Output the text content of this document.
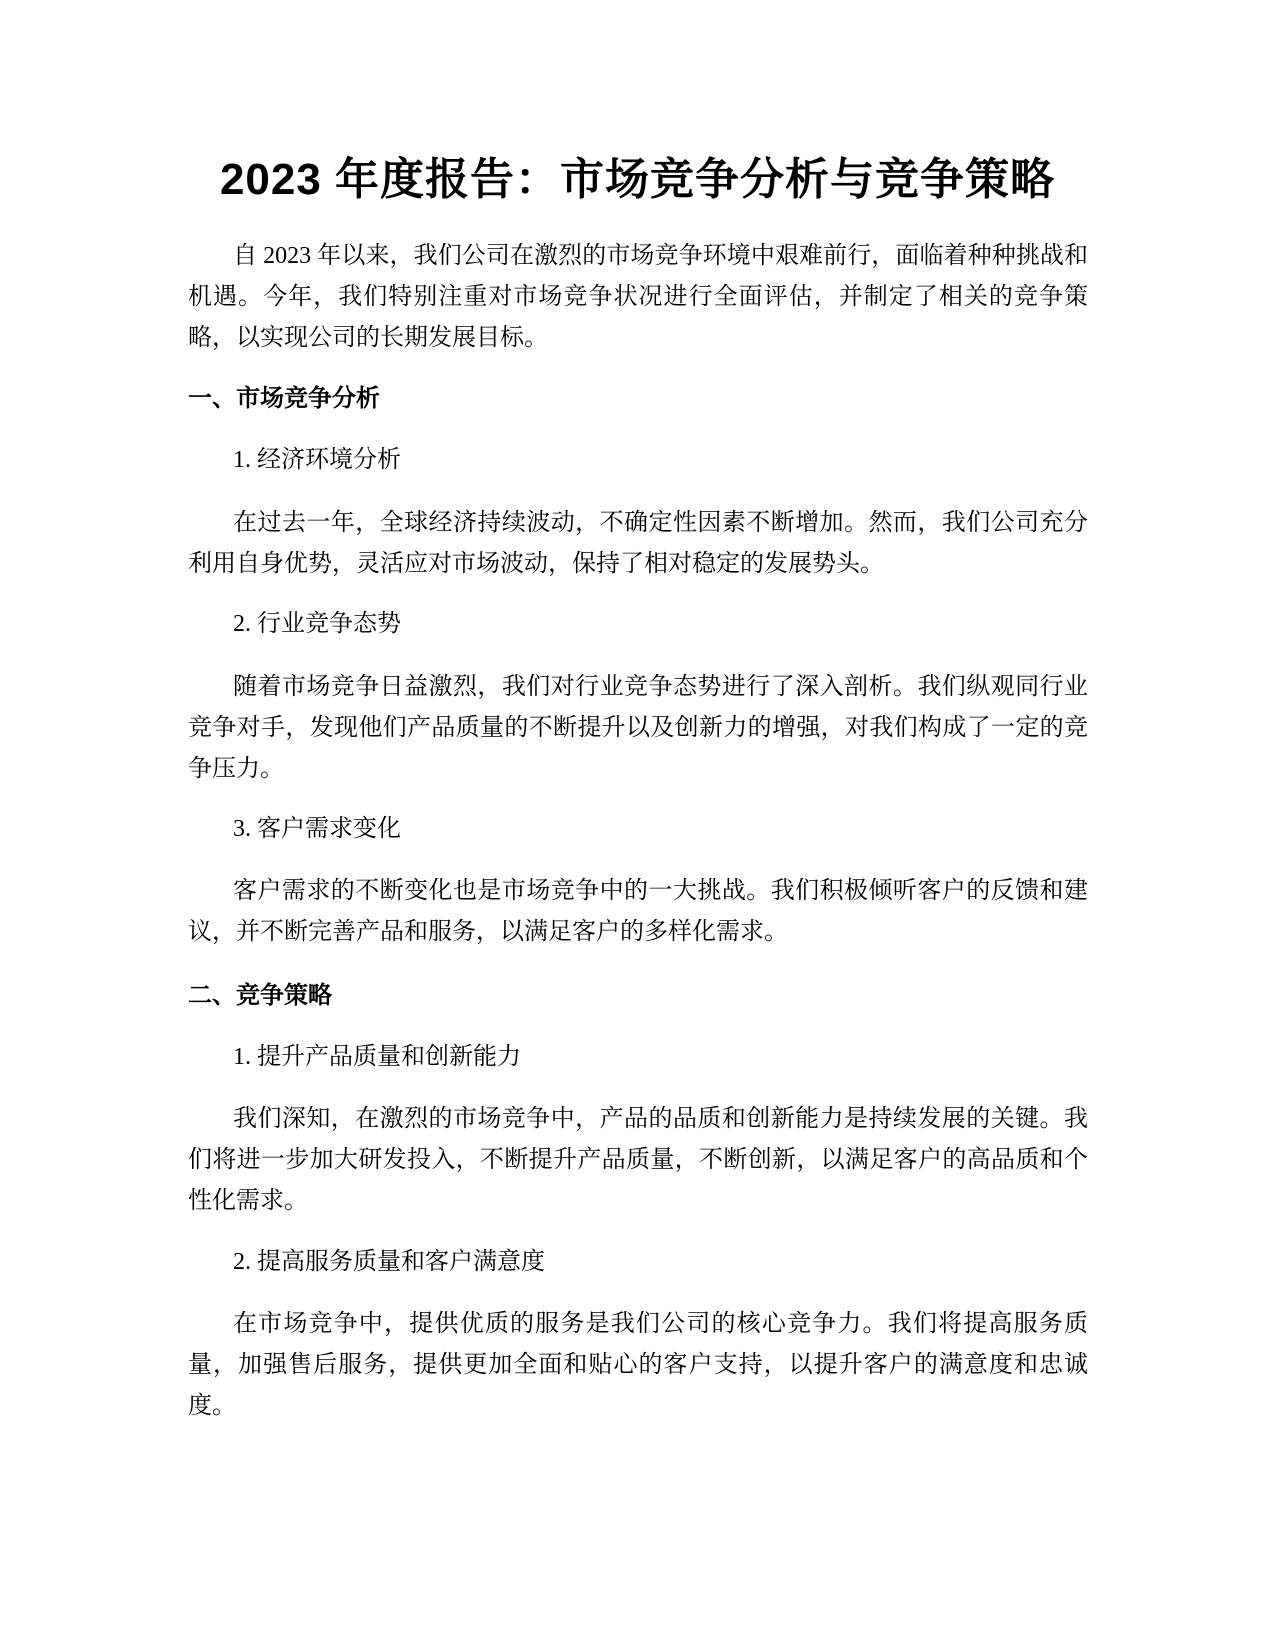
2023 年度报告：市场竞争分析与竞争策略

自 2023 年以来，我们公司在激烈的市场竞争环境中艰难前行，面临着种种挑战和机遇。今年，我们特别注重对市场竞争状况进行全面评估，并制定了相关的竞争策略，以实现公司的长期发展目标。

一、市场竞争分析

1. 经济环境分析

在过去一年，全球经济持续波动，不确定性因素不断增加。然而，我们公司充分利用自身优势，灵活应对市场波动，保持了相对稳定的发展势头。

2. 行业竞争态势

随着市场竞争日益激烈，我们对行业竞争态势进行了深入剖析。我们纵观同行业竞争对手，发现他们产品质量的不断提升以及创新力的增强，对我们构成了一定的竞争压力。

3. 客户需求变化

客户需求的不断变化也是市场竞争中的一大挑战。我们积极倾听客户的反馈和建议，并不断完善产品和服务，以满足客户的多样化需求。

二、竞争策略

1. 提升产品质量和创新能力

我们深知，在激烈的市场竞争中，产品的品质和创新能力是持续发展的关键。我们将进一步加大研发投入，不断提升产品质量，不断创新，以满足客户的高品质和个性化需求。

2. 提高服务质量和客户满意度

在市场竞争中，提供优质的服务是我们公司的核心竞争力。我们将提高服务质量，加强售后服务，提供更加全面和贴心的客户支持，以提升客户的满意度和忠诚度。
